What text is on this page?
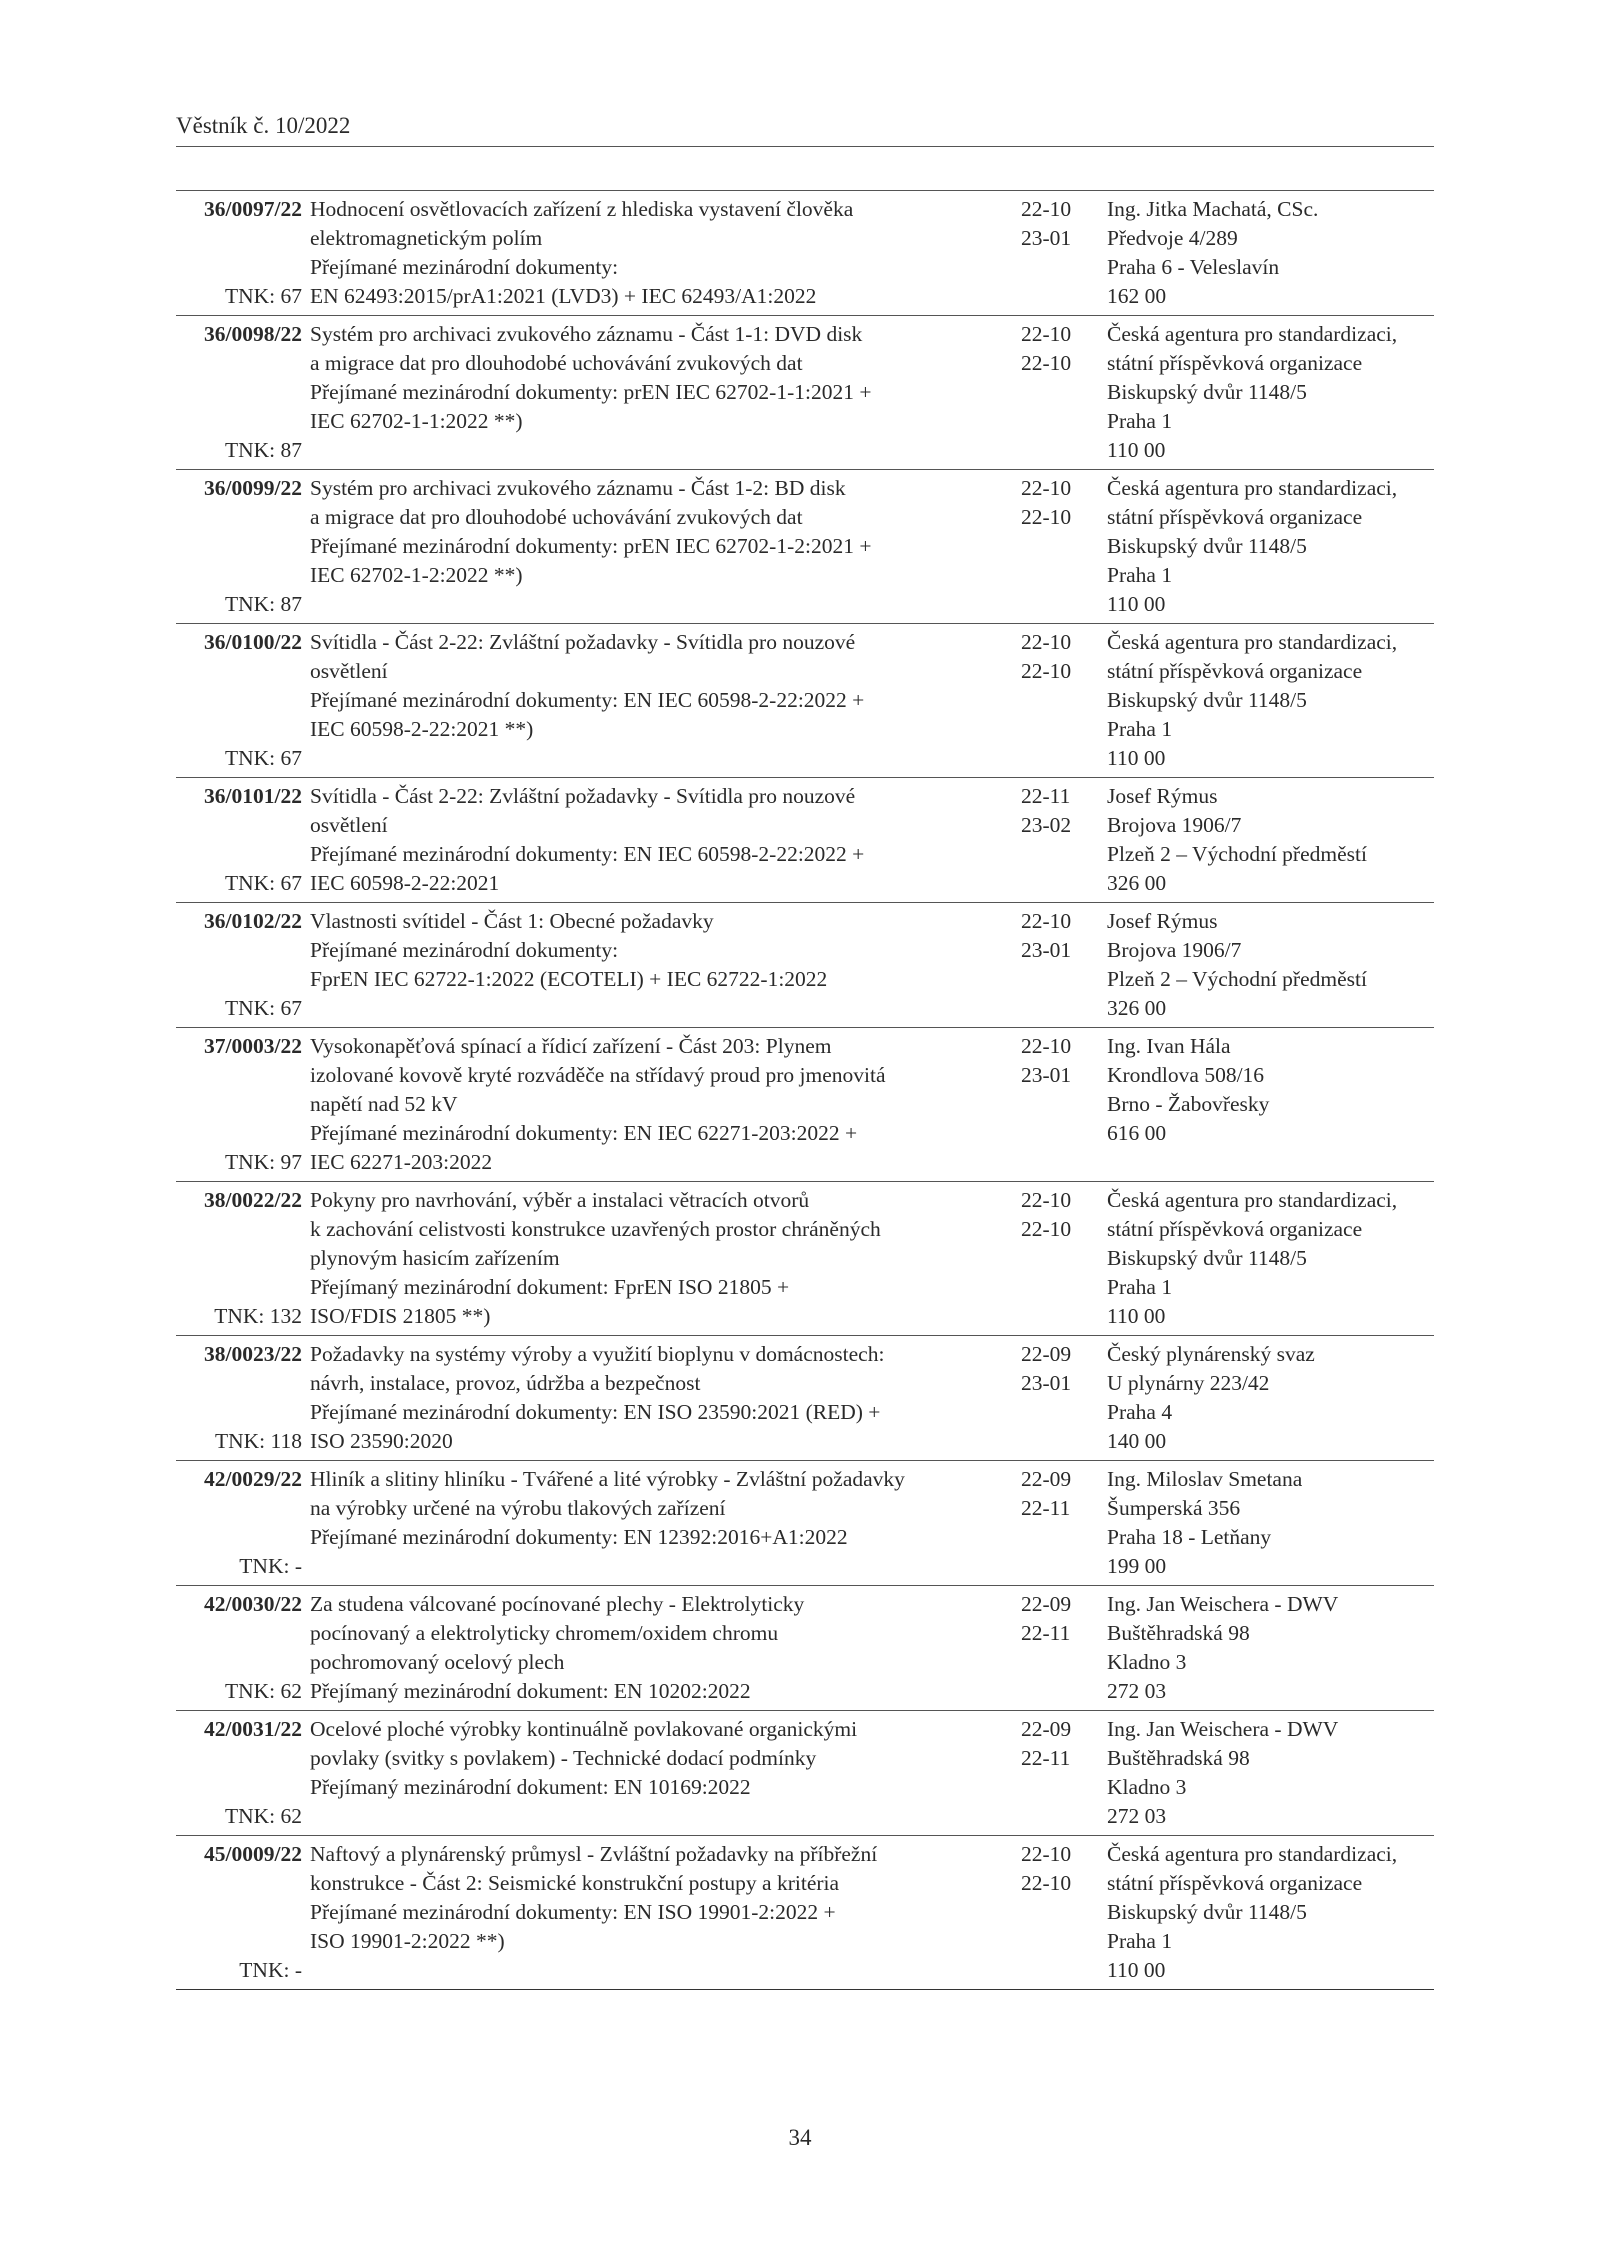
Věstník č. 10/2022
36/0097/22
TNK: 67
Hodnocení osvětlovacích zařízení z hlediska vystavení člověka
elektromagnetickým polím
Přejímané mezinárodní dokumenty:
EN 62493:2015/prA1:2021 (LVD3) + IEC 62493/A1:2022
22-10
23-01
Ing. Jitka Machatá, CSc.
Předvoje 4/289
Praha 6 - Veleslavín
162 00
36/0098/22
TNK: 87
Systém pro archivaci zvukového záznamu - Část 1-1: DVD disk
a migrace dat pro dlouhodobé uchovávání zvukových dat
Přejímané mezinárodní dokumenty: prEN IEC 62702-1-1:2021 +
IEC 62702-1-1:2022 **)
22-10
22-10
Česká agentura pro standardizaci,
státní příspěvková organizace
Biskupský dvůr 1148/5
Praha 1
110 00
36/0099/22
TNK: 87
Systém pro archivaci zvukového záznamu - Část 1-2: BD disk
a migrace dat pro dlouhodobé uchovávání zvukových dat
Přejímané mezinárodní dokumenty: prEN IEC 62702-1-2:2021 +
IEC 62702-1-2:2022 **)
22-10
22-10
Česká agentura pro standardizaci,
státní příspěvková organizace
Biskupský dvůr 1148/5
Praha 1
110 00
36/0100/22
TNK: 67
Svítidla - Část 2-22: Zvláštní požadavky - Svítidla pro nouzové
osvětlení
Přejímané mezinárodní dokumenty: EN IEC 60598-2-22:2022 +
IEC 60598-2-22:2021 **)
22-10
22-10
Česká agentura pro standardizaci,
státní příspěvková organizace
Biskupský dvůr 1148/5
Praha 1
110 00
36/0101/22
TNK: 67
Svítidla - Část 2-22: Zvláštní požadavky - Svítidla pro nouzové
osvětlení
Přejímané mezinárodní dokumenty: EN IEC 60598-2-22:2022 +
IEC 60598-2-22:2021
22-11
23-02
Josef Rýmus
Brojova 1906/7
Plzeň 2 – Východní předměstí
326 00
36/0102/22
TNK: 67
Vlastnosti svítidel - Část 1: Obecné požadavky
Přejímané mezinárodní dokumenty:
FprEN IEC 62722-1:2022 (ECOTELI) + IEC 62722-1:2022
22-10
23-01
Josef Rýmus
Brojova 1906/7
Plzeň 2 – Východní předměstí
326 00
37/0003/22
TNK: 97
Vysokonapěťová spínací a řídicí zařízení - Část 203: Plynem
izolované kovově kryté rozváděče na střídavý proud pro jmenovitá
napětí nad 52 kV
Přejímané mezinárodní dokumenty: EN IEC 62271-203:2022 +
IEC 62271-203:2022
22-10
23-01
Ing. Ivan Hála
Krondlova 508/16
Brno - Žabovřesky
616 00
38/0022/22
TNK: 132
Pokyny pro navrhování, výběr a instalaci větracích otvorů
k zachování celistvosti konstrukce uzavřených prostor chráněných
plynovým hasicím zařízením
Přejímaný mezinárodní dokument: FprEN ISO 21805 +
ISO/FDIS 21805 **)
22-10
22-10
Česká agentura pro standardizaci,
státní příspěvková organizace
Biskupský dvůr 1148/5
Praha 1
110 00
38/0023/22
TNK: 118
Požadavky na systémy výroby a využití bioplynu v domácnostech:
návrh, instalace, provoz, údržba a bezpečnost
Přejímané mezinárodní dokumenty: EN ISO 23590:2021 (RED) +
ISO 23590:2020
22-09
23-01
Český plynárenský svaz
U plynárny 223/42
Praha 4
140 00
42/0029/22
TNK: -
Hliník a slitiny hliníku - Tvářené a lité výrobky - Zvláštní požadavky
na výrobky určené na výrobu tlakových zařízení
Přejímané mezinárodní dokumenty: EN 12392:2016+A1:2022
22-09
22-11
Ing. Miloslav Smetana
Šumperská 356
Praha 18 - Letňany
199 00
42/0030/22
TNK: 62
Za studena válcované pocínované plechy - Elektrolyticky
pocínovaný a elektrolyticky chromem/oxidem chromu
pochromovaný ocelový plech
Přejímaný mezinárodní dokument: EN 10202:2022
22-09
22-11
Ing. Jan Weischera - DWV
Buštěhradská 98
Kladno 3
272 03
42/0031/22
TNK: 62
Ocelové ploché výrobky kontinuálně povlakované organickými
povlaky (svitky s povlakem) - Technické dodací podmínky
Přejímaný mezinárodní dokument: EN 10169:2022
22-09
22-11
Ing. Jan Weischera - DWV
Buštěhradská 98
Kladno 3
272 03
45/0009/22
TNK: -
Naftový a plynárenský průmysl - Zvláštní požadavky na příbřežní
konstrukce - Část 2: Seismické konstrukční postupy a kritéria
Přejímané mezinárodní dokumenty: EN ISO 19901-2:2022 +
ISO 19901-2:2022 **)
22-10
22-10
Česká agentura pro standardizaci,
státní příspěvková organizace
Biskupský dvůr 1148/5
Praha 1
110 00
34
